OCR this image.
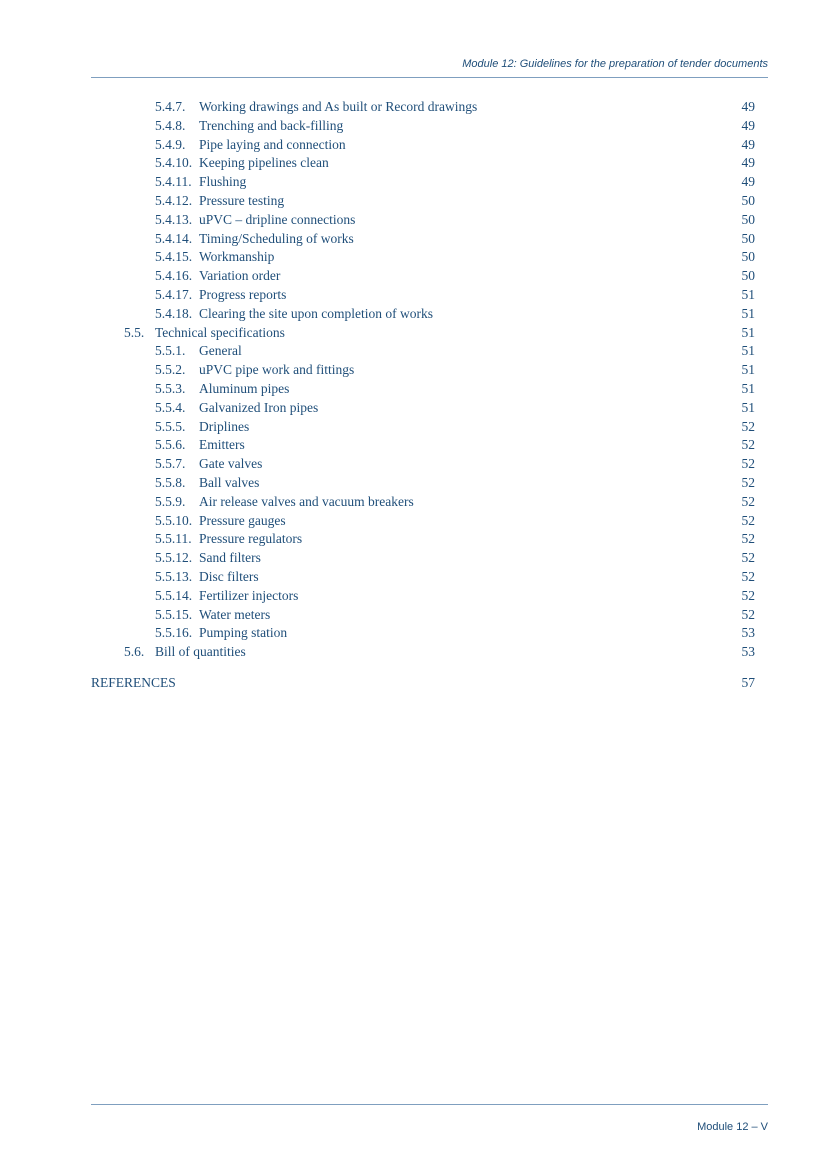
Module 12: Guidelines for the preparation of tender documents
5.4.7. Working drawings and As built or Record drawings	49
5.4.8. Trenching and back-filling	49
5.4.9. Pipe laying and connection	49
5.4.10. Keeping pipelines clean	49
5.4.11. Flushing	49
5.4.12. Pressure testing	50
5.4.13. uPVC – dripline connections	50
5.4.14. Timing/Scheduling of works	50
5.4.15. Workmanship	50
5.4.16. Variation order	50
5.4.17. Progress reports	51
5.4.18. Clearing the site upon completion of works	51
5.5. Technical specifications	51
5.5.1. General	51
5.5.2. uPVC pipe work and fittings	51
5.5.3. Aluminum pipes	51
5.5.4. Galvanized Iron pipes	51
5.5.5. Driplines	52
5.5.6. Emitters	52
5.5.7. Gate valves	52
5.5.8. Ball valves	52
5.5.9. Air release valves and vacuum breakers	52
5.5.10. Pressure gauges	52
5.5.11. Pressure regulators	52
5.5.12. Sand filters	52
5.5.13. Disc filters	52
5.5.14. Fertilizer injectors	52
5.5.15. Water meters	52
5.5.16. Pumping station	53
5.6. Bill of quantities	53
REFERENCES	57
Module 12 – V
